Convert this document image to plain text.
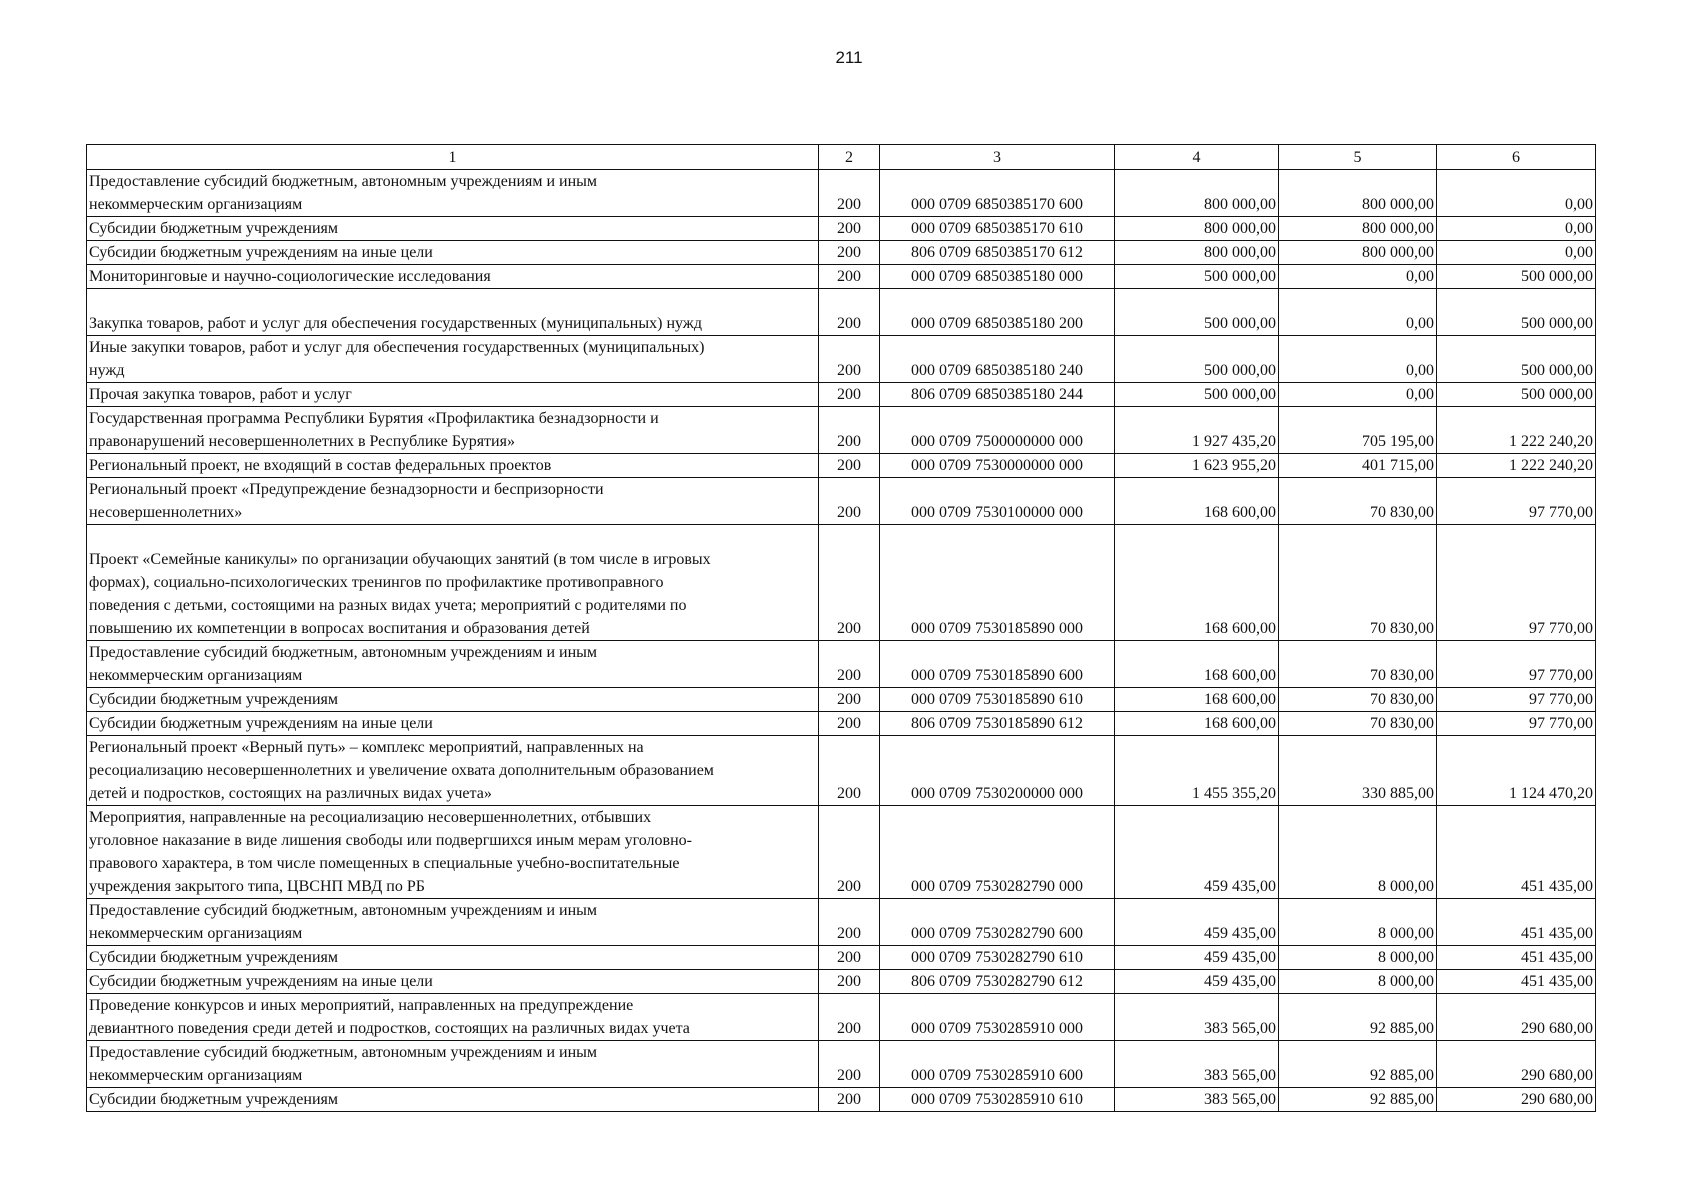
211
1	2	3	4	5	6

Предоставление субсидий бюджетным, автономным учреждениям и иным
некоммерческим организациям	200	000 0709 6850385170 600	800 000,00	800 000,00	0,00

Субсидии бюджетным учреждениям	200	000 0709 6850385170 610	800 000,00	800 000,00	0,00

Субсидии бюджетным учреждениям на иные цели	200	806 0709 6850385170 612	800 000,00	800 000,00	0,00

Мониторинговые и научно-социологические исследования	200	000 0709 6850385180 000	500 000,00	0,00	500 000,00

Закупка товаров, работ и услуг для обеспечения государственных (муниципальных) нужд	200	000 0709 6850385180 200	500 000,00	0,00	500 000,00

Иные закупки товаров, работ и услуг для обеспечения государственных (муниципальных)
нужд	200	000 0709 6850385180 240	500 000,00	0,00	500 000,00

Прочая закупка товаров, работ и услуг	200	806 0709 6850385180 244	500 000,00	0,00	500 000,00

Государственная программа Республики Бурятия «Профилактика безнадзорности и
правонарушений несовершеннолетних в Республике Бурятия»	200	000 0709 7500000000 000	1 927 435,20	705 195,00	1 222 240,20

Региональный проект, не входящий в состав федеральных проектов	200	000 0709 7530000000 000	1 623 955,20	401 715,00	1 222 240,20

Региональный проект «Предупреждение безнадзорности и беспризорности
несовершеннолетних»	200	000 0709 7530100000 000	168 600,00	70 830,00	97 770,00

Проект «Семейные каникулы» по организации обучающих занятий (в том числе в игровых
формах), социально-психологических тренингов по профилактике противоправного
поведения с детьми, состоящими на разных видах учета; мероприятий с родителями по
повышению их компетенции в вопросах воспитания и образования детей	200	000 0709 7530185890 000	168 600,00	70 830,00	97 770,00

Предоставление субсидий бюджетным, автономным учреждениям и иным
некоммерческим организациям	200	000 0709 7530185890 600	168 600,00	70 830,00	97 770,00

Субсидии бюджетным учреждениям	200	000 0709 7530185890 610	168 600,00	70 830,00	97 770,00

Субсидии бюджетным учреждениям на иные цели	200	806 0709 7530185890 612	168 600,00	70 830,00	97 770,00

Региональный проект «Верный путь» – комплекс мероприятий, направленных на
ресоциализацию несовершеннолетних и увеличение охвата дополнительным образованием
детей и подростков, состоящих на различных видах учета»	200	000 0709 7530200000 000	1 455 355,20	330 885,00	1 124 470,20

Мероприятия, направленные на ресоциализацию несовершеннолетних, отбывших
уголовное наказание в виде лишения свободы или подвергшихся иным мерам уголовно-
правового характера, в том числе помещенных в специальные учебно-воспитательные
учреждения закрытого типа, ЦВСНП МВД по РБ	200	000 0709 7530282790 000	459 435,00	8 000,00	451 435,00

Предоставление субсидий бюджетным, автономным учреждениям и иным
некоммерческим организациям	200	000 0709 7530282790 600	459 435,00	8 000,00	451 435,00

Субсидии бюджетным учреждениям	200	000 0709 7530282790 610	459 435,00	8 000,00	451 435,00

Субсидии бюджетным учреждениям на иные цели	200	806 0709 7530282790 612	459 435,00	8 000,00	451 435,00

Проведение конкурсов и иных мероприятий, направленных на предупреждение
девиантного поведения среди детей и подростков, состоящих на различных видах учета	200	000 0709 7530285910 000	383 565,00	92 885,00	290 680,00

Предоставление субсидий бюджетным, автономным учреждениям и иным
некоммерческим организациям	200	000 0709 7530285910 600	383 565,00	92 885,00	290 680,00

Субсидии бюджетным учреждениям	200	000 0709 7530285910 610	383 565,00	92 885,00	290 680,00
